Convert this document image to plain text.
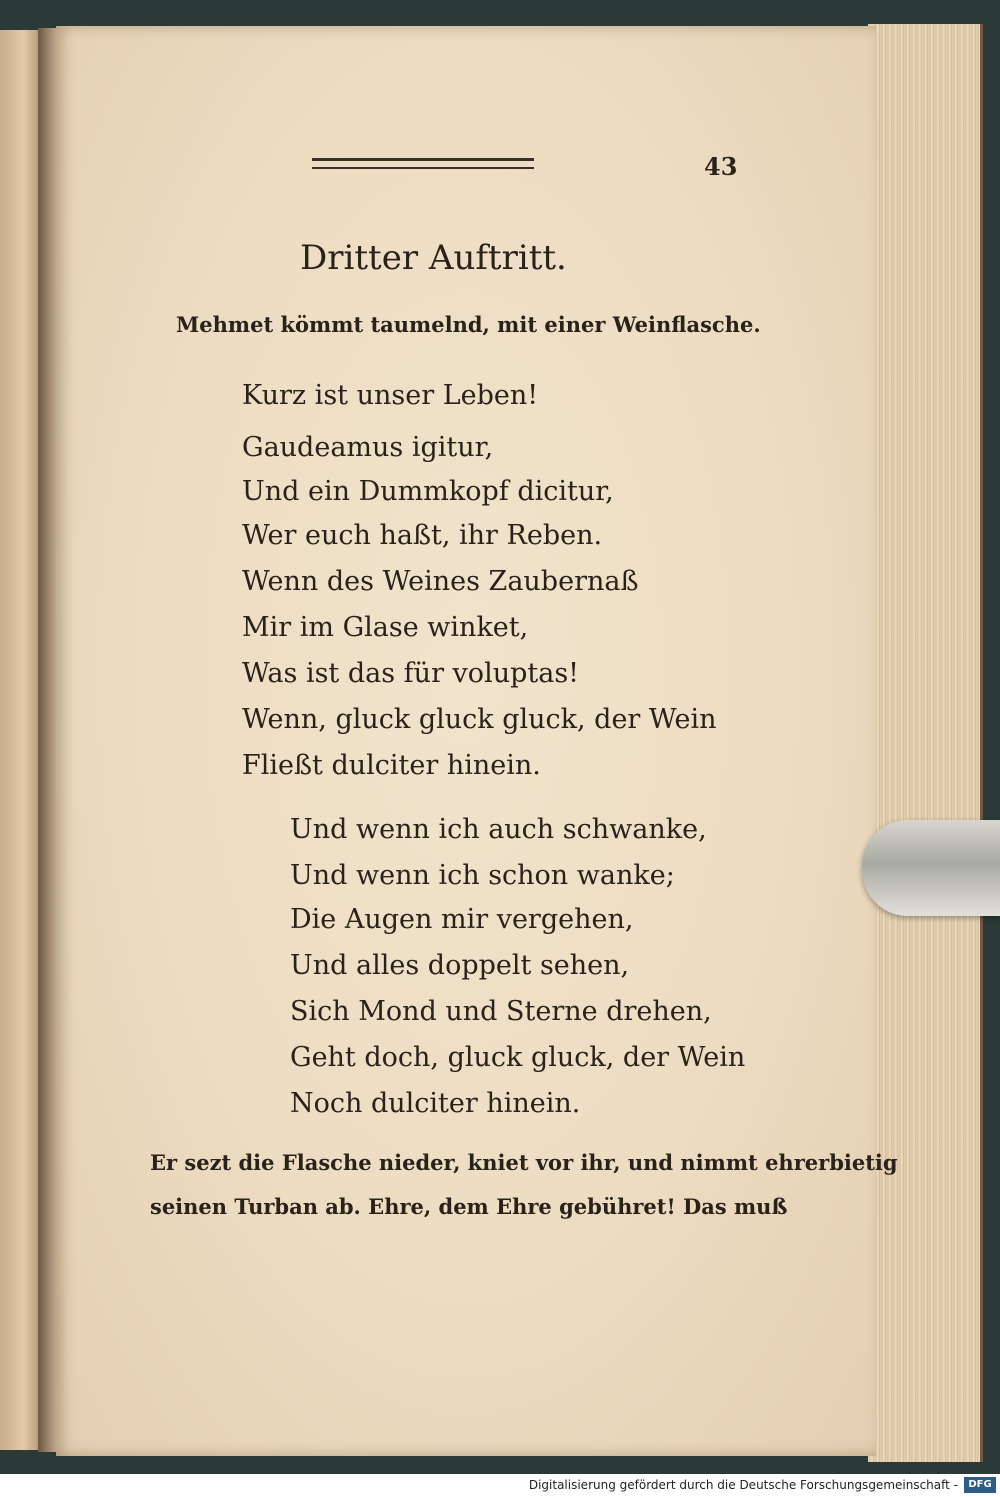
43
Dritter Auftritt.
Mehmet kömmt taumelnd, mit einer Weinflasche.
Kurz ist unser Leben!
Gaudeamus igitur,
Und ein Dummkopf dicitur,
Wer euch haßt, ihr Reben.
Wenn des Weines Zaubernaß
Mir im Glase winket,
Was ist das für voluptas!
Wenn, gluck gluck gluck, der Wein
Fließt dulciter hinein.
Und wenn ich auch schwanke,
Und wenn ich schon wanke;
Die Augen mir vergehen,
Und alles doppelt sehen,
Sich Mond und Sterne drehen,
Geht doch, gluck gluck, der Wein
Noch dulciter hinein.
Er sezt die Flasche nieder, kniet vor ihr, und nimmt ehrerbietig
seinen Turban ab. Ehre, dem Ehre gebühret! Das muß
Digitalisierung gefördert durch die Deutsche Forschungsgemeinschaft -	DFG
